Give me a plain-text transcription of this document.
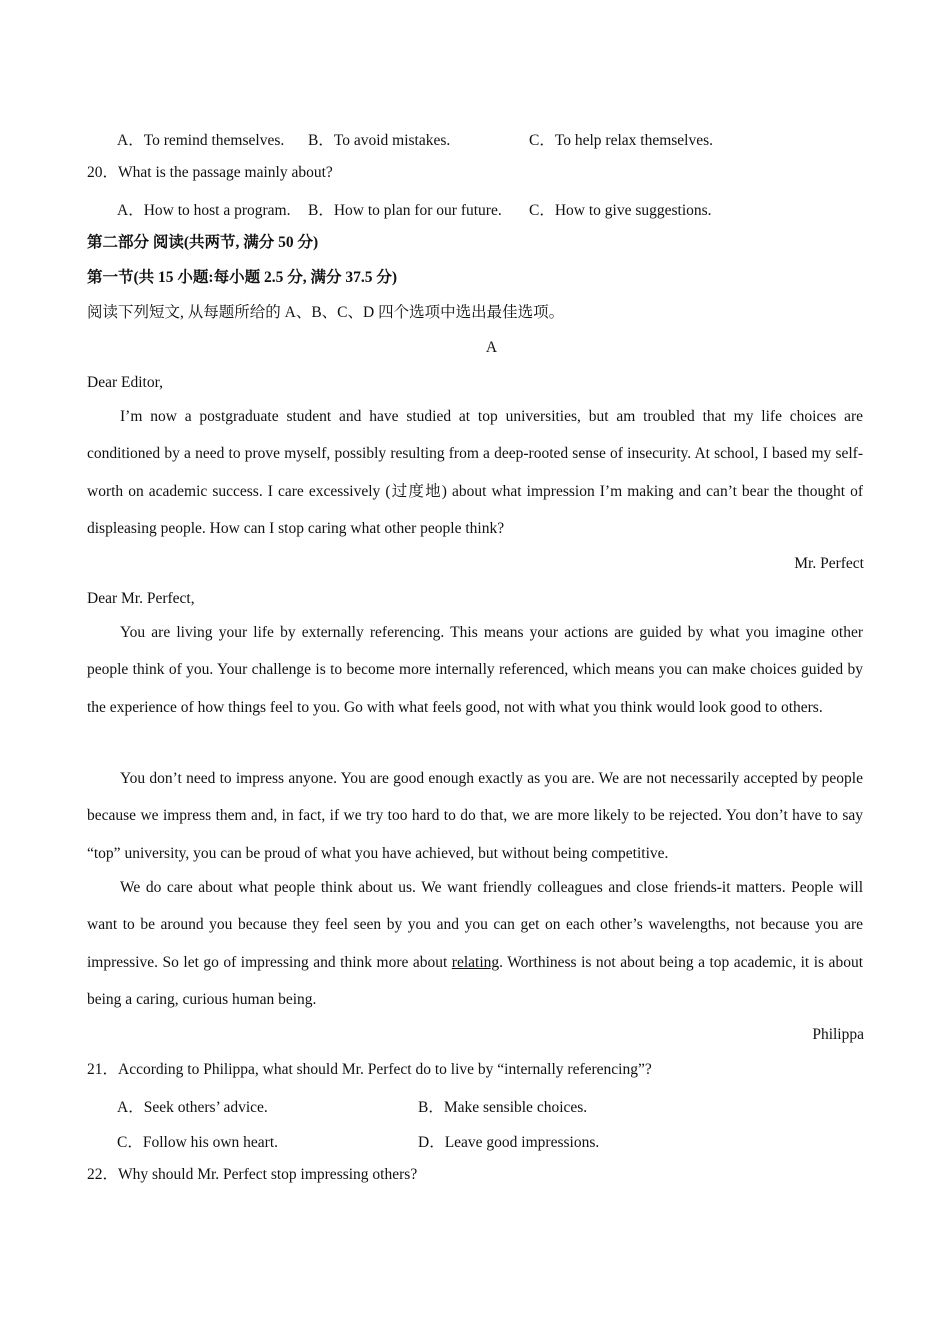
A．To remind themselves. B．To avoid mistakes.	C．To help relax themselves.
20．What is the passage mainly about?
A．How to host a program. B．How to plan for our future. C．How to give suggestions.
第二部分 阅读(共两节, 满分 50 分)
第一节(共 15 小题:每小题 2.5 分, 满分 37.5 分)
阅读下列短文, 从每题所给的 A、B、C、D 四个选项中选出最佳选项。
A
Dear Editor,
I’m now a postgraduate student and have studied at top universities, but am troubled that my life choices are conditioned by a need to prove myself, possibly resulting from a deep-rooted sense of insecurity. At school, I based my self-worth on academic success. I care excessively (过度地) about what impression I’m making and can’t bear the thought of displeasing people. How can I stop caring what other people think?
Mr. Perfect
Dear Mr. Perfect,
You are living your life by externally referencing. This means your actions are guided by what you imagine other people think of you. Your challenge is to become more internally referenced, which means you can make choices guided by the experience of how things feel to you. Go with what feels good, not with what you think would look good to others.
You don’t need to impress anyone. You are good enough exactly as you are. We are not necessarily accepted by people because we impress them and, in fact, if we try too hard to do that, we are more likely to be rejected. You don’t have to say “top” university, you can be proud of what you have achieved, but without being competitive.
We do care about what people think about us. We want friendly colleagues and close friends-it matters. People will want to be around you because they feel seen by you and you can get on each other’s wavelengths, not because you are impressive. So let go of impressing and think more about relating. Worthiness is not about being a top academic, it is about being a caring, curious human being.
Philippa
21．According to Philippa, what should Mr. Perfect do to live by “internally referencing”?
A．Seek others’ advice.	B．Make sensible choices.
C．Follow his own heart.	D．Leave good impressions.
22．Why should Mr. Perfect stop impressing others?
